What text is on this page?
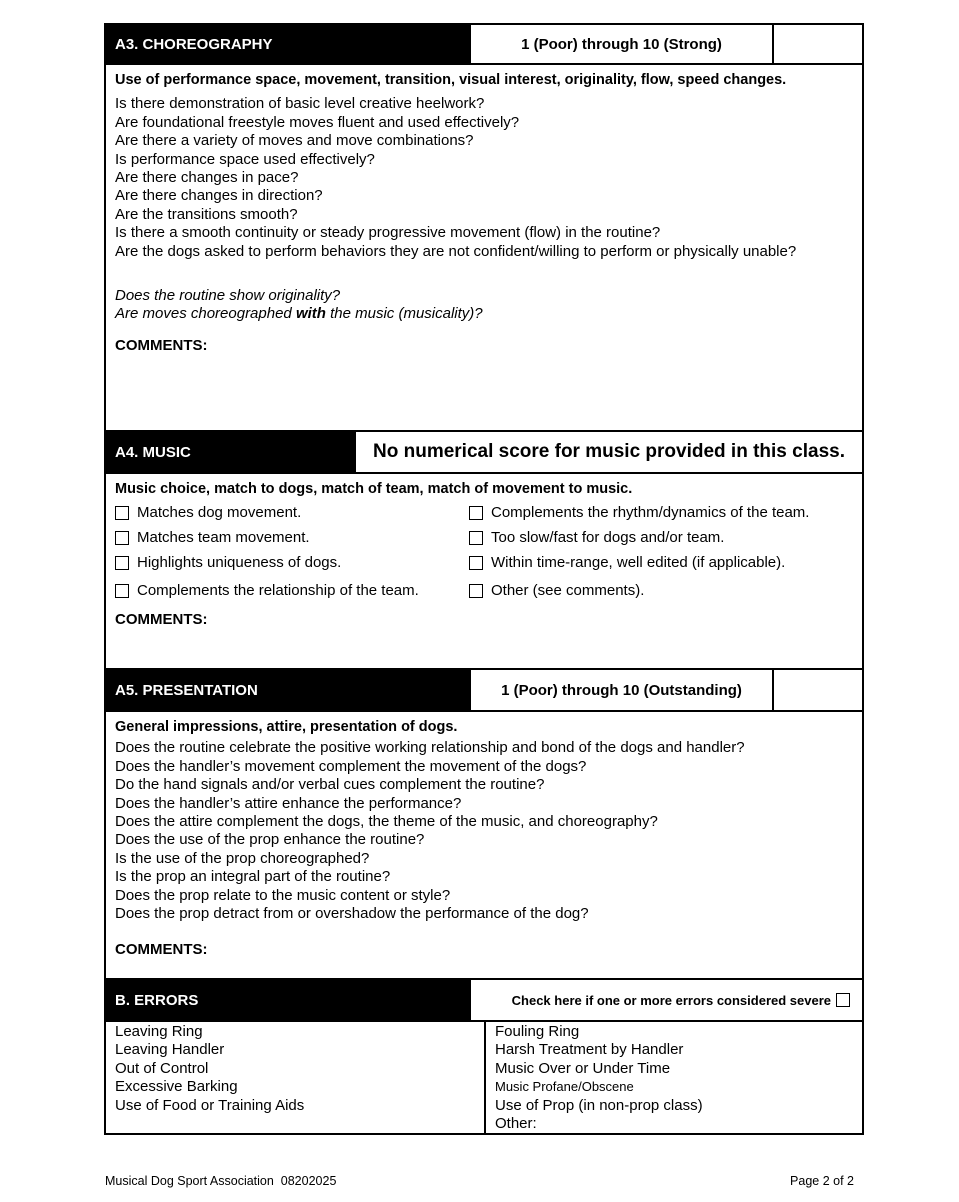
A3. CHOREOGRAPHY	1 (Poor) through 10 (Strong)
Use of performance space, movement, transition, visual interest, originality, flow, speed changes.
Is there demonstration of basic level creative heelwork?
Are foundational freestyle moves fluent and used effectively?
Are there a variety of moves and move combinations?
Is performance space used effectively?
Are there changes in pace?
Are there changes in direction?
Are the transitions smooth?
Is there a smooth continuity or steady progressive movement (flow) in the routine?
Are the dogs asked to perform behaviors they are not confident/willing to perform or physically unable?
Does the routine show originality?
Are moves choreographed with the music (musicality)?
COMMENTS:
A4. MUSIC	No numerical score for music provided in this class.
Music choice, match to dogs, match of team, match of movement to music.
Matches dog movement.	Complements the rhythm/dynamics of the team.
Matches team movement.	Too slow/fast for dogs and/or team.
Highlights uniqueness of dogs.	Within time-range, well edited (if applicable).
Complements the relationship of the team.	Other (see comments).
COMMENTS:
A5. PRESENTATION	1 (Poor) through 10 (Outstanding)
General impressions, attire, presentation of dogs.
Does the routine celebrate the positive working relationship and bond of the dogs and handler?
Does the handler’s movement complement the movement of the dogs?
Do the hand signals and/or verbal cues complement the routine?
Does the handler’s attire enhance the performance?
Does the attire complement the dogs, the theme of the music, and choreography?
Does the use of the prop enhance the routine?
Is the use of the prop choreographed?
Is the prop an integral part of the routine?
Does the prop relate to the music content or style?
Does the prop detract from or overshadow the performance of the dog?
COMMENTS:
B. ERRORS	Check here if one or more errors considered severe
Leaving Ring
Leaving Handler
Out of Control
Excessive Barking
Use of Food or Training Aids
Fouling Ring
Harsh Treatment by Handler
Music Over or Under Time
Music Profane/Obscene
Use of Prop (in non-prop class)
Other:
Musical Dog Sport Association  08202025	Page 2 of 2
